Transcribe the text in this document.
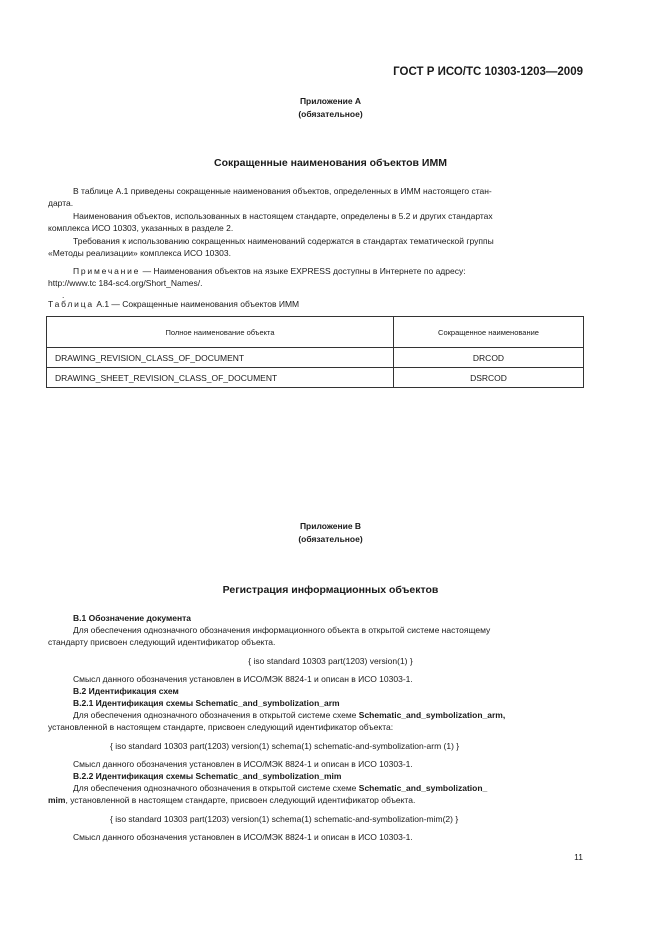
ГОСТ Р ИСО/ТС 10303-1203—2009
Приложение А
(обязательное)
Сокращенные наименования объектов ИММ
В таблице А.1 приведены сокращенные наименования объектов, определенных в ИММ настоящего стан-
дарта.
Наименования объектов, использованных в настоящем стандарте, определены в 5.2 и других стандартах
комплекса ИСО 10303, указанных в разделе 2.
Требования к использованию сокращенных наименований содержатся в стандартах тематической группы
«Методы реализации» комплекса ИСО 10303.
Примечание — Наименования объектов на языке EXPRESS доступны в Интернете по адресу:
http://www.tc 184-sc4.org/Short_Names/.
.
Таблица А.1 — Сокращенные наименования объектов ИММ
Полное наименование объекта	Сокращенное наименование
DRAWING_REVISION_CLASS_OF_DOCUMENT	DRCOD
DRAWING_SHEET_REVISION_CLASS_OF_DOCUMENT	DSRCOD
Приложение В
(обязательное)
Регистрация информационных объектов
В.1 Обозначение документа
Для обеспечения однозначного обозначения информационного объекта в открытой системе настоящему
стандарту присвоен следующий идентификатор объекта.
{ iso standard 10303 part(1203) version(1) }
Смысл данного обозначения установлен в ИСО/МЭК 8824-1 и описан в ИСО 10303-1.
В.2 Идентификация схем
В.2.1 Идентификация схемы Schematic_and_symbolization_arm
Для обеспечения однозначного обозначения в открытой системе схеме Schematic_and_symbolization_arm,
установленной в настоящем стандарте, присвоен следующий идентификатор объекта:
{ iso standard 10303 part(1203) version(1) schema(1) schematic-and-symbolization-arm (1) }
Смысл данного обозначения установлен в ИСО/МЭК 8824-1 и описан в ИСО 10303-1.
В.2.2 Идентификация схемы Schematic_and_symbolization_mim
Для обеспечения однозначного обозначения в открытой системе схеме Schematic_and_symbolization_
mim, установленной в настоящем стандарте, присвоен следующий идентификатор объекта.
{ iso standard 10303 part(1203) version(1) schema(1) schematic-and-symbolization-mim(2) }
Смысл данного обозначения установлен в ИСО/МЭК 8824-1 и описан в ИСО 10303-1.
11
